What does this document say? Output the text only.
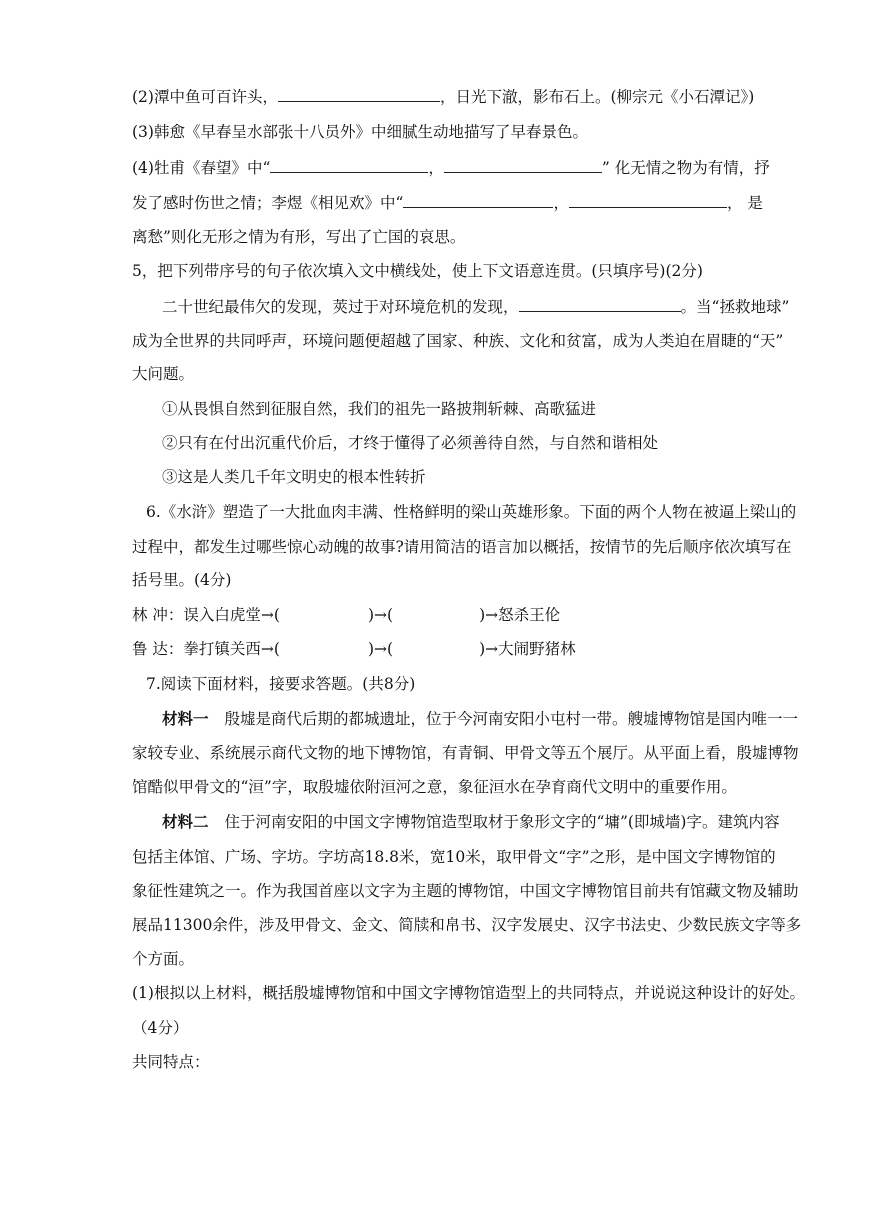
(2)潭中鱼可百许头，	，日光下澈，影布石上。(柳宗元《小石潭记》)
(3)韩愈《早春呈水部张十八员外》中细腻生动地描写了早春景色。
(4)牡甫《春望》中“	，	” 化无情之物为有情，抒
发了感时伤世之情；李煜《相见欢》中“	，	， 是
离愁”则化无形之情为有形，写出了亡国的哀思。
5，把下列带序号的句子依次填入文中横线处，使上下文语意连贯。(只填序号)(2分)
二十世纪最伟欠的发现，莢过于对环境危机的发现，	。当“拯救地球”
成为全世界的共同呼声，环境问题便超越了国家、种族、文化和贫富，成为人类迫在眉睫的“天”
大问题。
①从畏惧自然到征服自然，我们的祖先一路披荆斩棘、高歌猛进
②只有在付出沉重代价后，才终于懂得了必须善待自然，与自然和谐相处
③这是人类几千年文明史的根本性转折
6.《水浒》塑造了一大批血肉丰满、性格鲜明的梁山英雄形象。下面的两个人物在被逼上梁山的
过程中，都发生过哪些惊心动魄的故事?请用简洁的语言加以概括，按情节的先后顺序依次填写在
括号里。(4分)
林 冲：误入白虎堂→(	)→(	)→怒杀王伦
鲁 达：拳打镇关西→(	)→(	)→大闹野猪林
7.阅读下面材料，接要求答题。(共8分)
材料一 殷墟是商代后期的都城遗址，位于今河南安阳小屯村一带。艘墟博物馆是国内唯一一
家较专业、系统展示商代文物的地下博物馆，有青铜、甲骨文等五个展厅。从平面上看，殷墟博物
馆酷似甲骨文的“洹”字，取殷墟依附洹河之意，象征洹水在孕育商代文明中的重要作用。
材料二 住于河南安阳的中国文字博物馆造型取材于象形文字的“墉”(即城墙)字。建筑内容
包括主体馆、广场、字坊。字坊高18.8米，宽10米，取甲骨文“字”之形，是中国文字博物馆的
象征性建筑之一。作为我国首座以文字为主题的博物馆，中国文字博物馆目前共有馆藏文物及辅助
展品11300余件，涉及甲骨文、金文、简牍和帛书、汉字发展史、汉字书法史、少数民族文字等多
个方面。
(1)根拟以上材料，概括殷墟博物馆和中国文字博物馆造型上的共同特点，并说说这种设计的好处。
（4分）
共同特点：
